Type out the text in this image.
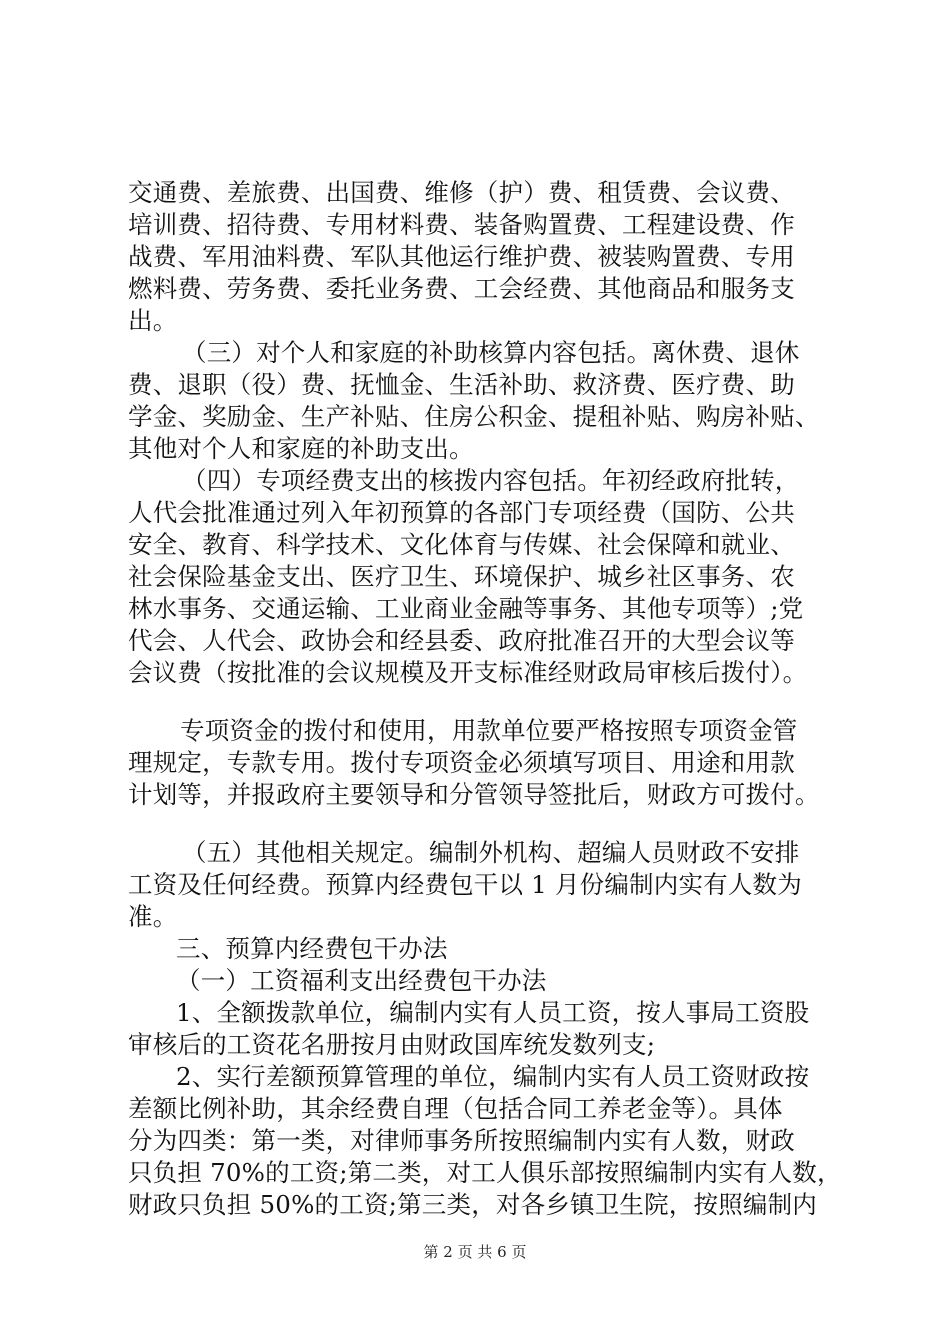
交通费、差旅费、出国费、维修（护）费、租赁费、会议费、
培训费、招待费、专用材料费、装备购置费、工程建设费、作
战费、军用油料费、军队其他运行维护费、被装购置费、专用
燃料费、劳务费、委托业务费、工会经费、其他商品和服务支
出。
（三）对个人和家庭的补助核算内容包括。离休费、退休
费、退职（役）费、抚恤金、生活补助、救济费、医疗费、助
学金、奖励金、生产补贴、住房公积金、提租补贴、购房补贴、
其他对个人和家庭的补助支出。
（四）专项经费支出的核拨内容包括。年初经政府批转，
人代会批准通过列入年初预算的各部门专项经费（国防、公共
安全、教育、科学技术、文化体育与传媒、社会保障和就业、
社会保险基金支出、医疗卫生、环境保护、城乡社区事务、农
林水事务、交通运输、工业商业金融等事务、其他专项等）;党
代会、人代会、政协会和经县委、政府批准召开的大型会议等
会议费（按批准的会议规模及开支标准经财政局审核后拨付）。
专项资金的拨付和使用，用款单位要严格按照专项资金管
理规定，专款专用。拨付专项资金必须填写项目、用途和用款
计划等，并报政府主要领导和分管领导签批后，财政方可拨付。
（五）其他相关规定。编制外机构、超编人员财政不安排
工资及任何经费。预算内经费包干以 1 月份编制内实有人数为
准。
三、预算内经费包干办法
（一）工资福利支出经费包干办法
1、全额拨款单位，编制内实有人员工资，按人事局工资股
审核后的工资花名册按月由财政国库统发数列支;
2、实行差额预算管理的单位，编制内实有人员工资财政按
差额比例补助，其余经费自理（包括合同工养老金等）。具体
分为四类：第一类，对律师事务所按照编制内实有人数，财政
只负担 70%的工资;第二类，对工人俱乐部按照编制内实有人数，
财政只负担 50%的工资;第三类，对各乡镇卫生院，按照编制内
第 2 页 共 6 页
